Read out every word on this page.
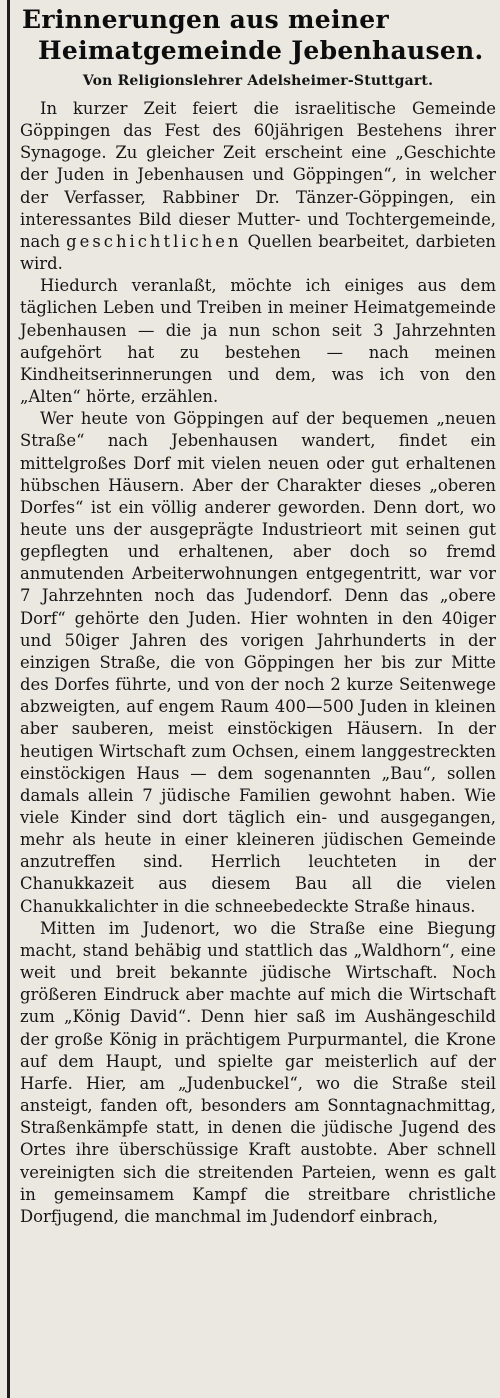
Erinnerungen aus meiner
Heimatgemeinde Jebenhausen.
Von Religionslehrer Adelsheimer-Stuttgart.

In kurzer Zeit feiert die israelitische Gemeinde Göppingen das Fest des 60jährigen Bestehens ihrer Synagoge. Zu gleicher Zeit erscheint eine „Geschichte der Juden in Jebenhausen und Göppingen“, in welcher der Verfasser, Rabbiner Dr. Tänzer-Göppingen, ein interessantes Bild dieser Mutter- und Tochtergemeinde, nach geschichtlichen Quellen bearbeitet, darbieten wird.

Hiedurch veranlaßt, möchte ich einiges aus dem täglichen Leben und Treiben in meiner Heimatgemeinde Jebenhausen — die ja nun schon seit 3 Jahrzehnten aufgehört hat zu bestehen — nach meinen Kindheitserinnerungen und dem, was ich von den „Alten“ hörte, erzählen.

Wer heute von Göppingen auf der bequemen „neuen Straße“ nach Jebenhausen wandert, findet ein mittelgroßes Dorf mit vielen neuen oder gut erhaltenen hübschen Häusern. Aber der Charakter dieses „oberen Dorfes“ ist ein völlig anderer geworden. Denn dort, wo heute uns der ausgeprägte Industrieort mit seinen gut gepflegten und erhaltenen, aber doch so fremd anmutenden Arbeiterwohnungen entgegentritt, war vor 7 Jahrzehnten noch das Judendorf. Denn das „obere Dorf“ gehörte den Juden. Hier wohnten in den 40iger und 50iger Jahren des vorigen Jahrhunderts in der einzigen Straße, die von Göppingen her bis zur Mitte des Dorfes führte, und von der noch 2 kurze Seitenwege abzweigten, auf engem Raum 400—500 Juden in kleinen aber sauberen, meist einstöckigen Häusern. In der heutigen Wirtschaft zum Ochsen, einem langgestreckten einstöckigen Haus — dem sogenannten „Bau“, sollen damals allein 7 jüdische Familien gewohnt haben. Wie viele Kinder sind dort täglich ein- und ausgegangen, mehr als heute in einer kleineren jüdischen Gemeinde anzutreffen sind. Herrlich leuchteten in der Chanukkazeit aus diesem Bau all die vielen Chanukkalichter in die schneebedeckte Straße hinaus.

Mitten im Judenort, wo die Straße eine Biegung macht, stand behäbig und stattlich das „Waldhorn“, eine weit und breit bekannte jüdische Wirtschaft. Noch größeren Eindruck aber machte auf mich die Wirtschaft zum „König David“. Denn hier saß im Aushängeschild der große König in prächtigem Purpurmantel, die Krone auf dem Haupt, und spielte gar meisterlich auf der Harfe. Hier, am „Judenbuckel“, wo die Straße steil ansteigt, fanden oft, besonders am Sonntagnachmittag, Straßenkämpfe statt, in denen die jüdische Jugend des Ortes ihre überschüssige Kraft austobte. Aber schnell vereinigten sich die streitenden Parteien, wenn es galt in gemeinsamem Kampf die streitbare christliche Dorfjugend, die manchmal im Judendorf einbrach,
